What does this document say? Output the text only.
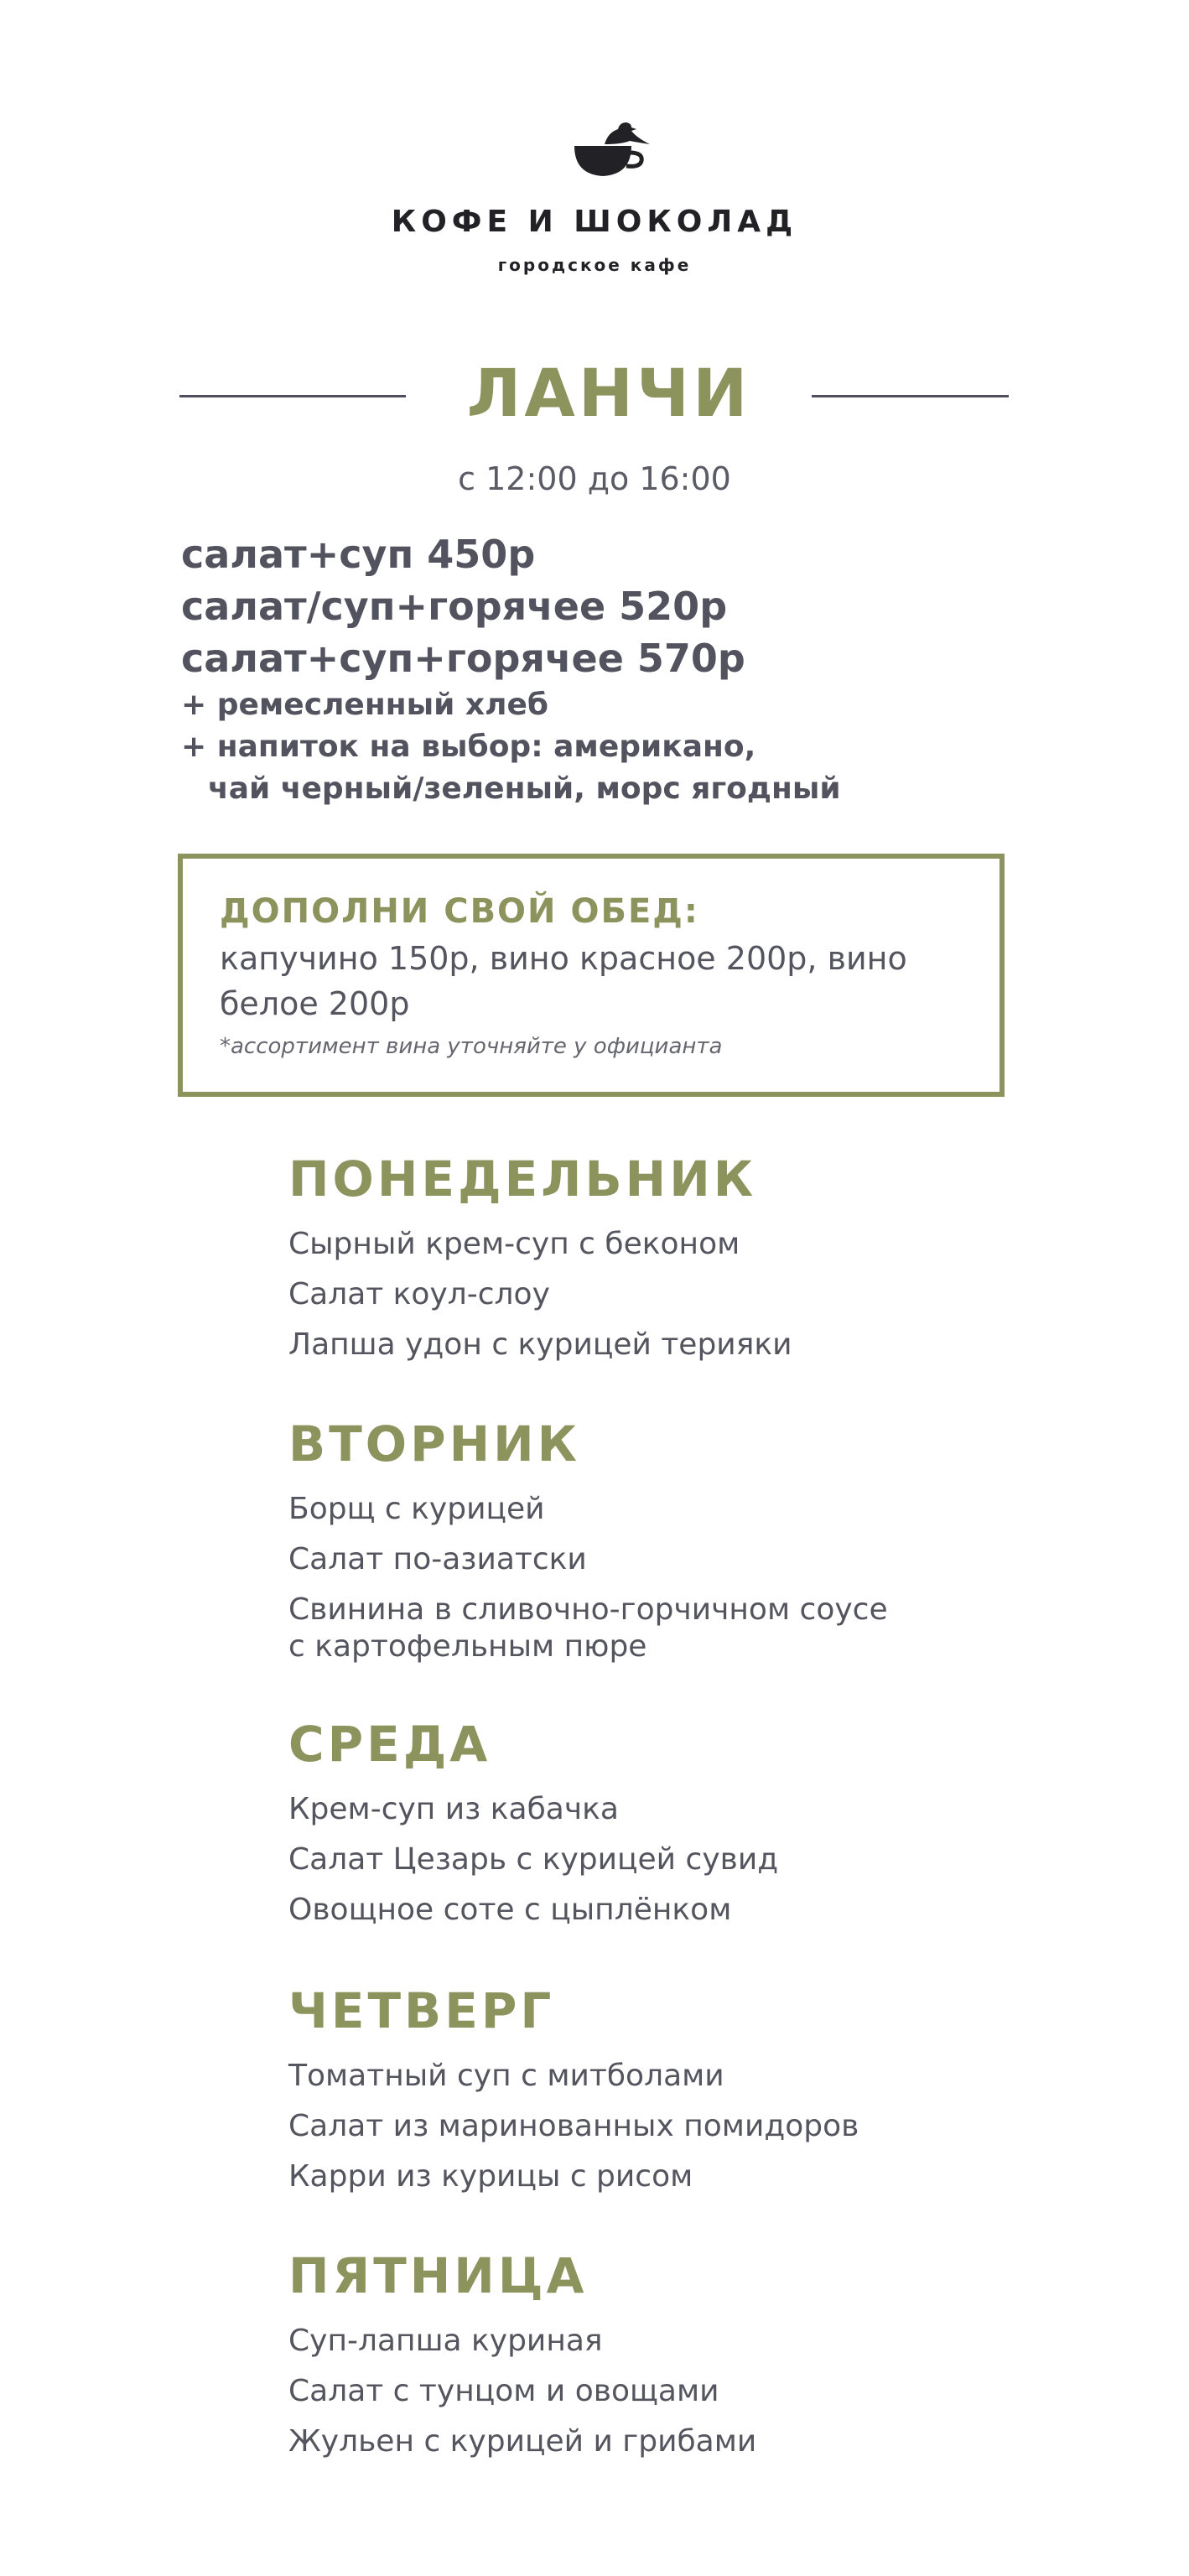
КОФЕ И ШОКОЛАД
городское кафе
ЛАНЧИ
с 12:00 до 16:00
салат+суп 450р
салат/суп+горячее 520р
салат+суп+горячее 570р
+ ремесленный хлеб
+ напиток на выбор: американо,
чай черный/зеленый, морс ягодный
ДОПОЛНИ СВОЙ ОБЕД:
капучино 150р, вино красное 200р, вино белое 200р
*ассортимент вина уточняйте у официанта
ПОНЕДЕЛЬНИК
Сырный крем-суп с беконом
Салат коул-слоу
Лапша удон с курицей терияки
ВТОРНИК
Борщ с курицей
Салат по-азиатски
Свинина в сливочно-горчичном соусе
с картофельным пюре
СРЕДА
Крем-суп из кабачка
Салат Цезарь с курицей сувид
Овощное соте с цыплёнком
ЧЕТВЕРГ
Томатный суп с митболами
Салат из маринованных помидоров
Карри из курицы с рисом
ПЯТНИЦА
Суп-лапша куриная
Салат с тунцом и овощами
Жульен с курицей и грибами
